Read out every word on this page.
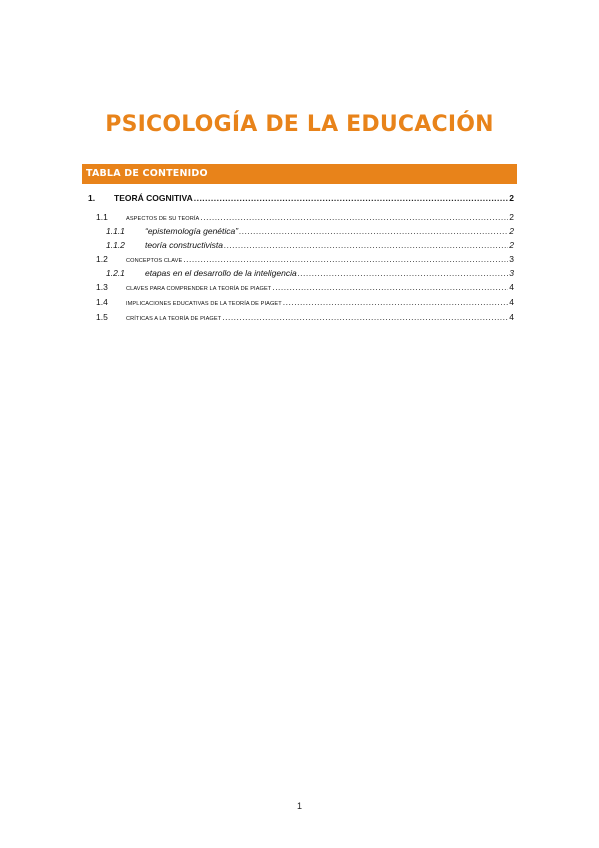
PSICOLOGÍA DE LA EDUCACIÓN
TABLA DE CONTENIDO
1.	TEORÁ COGNITIVA .....	2
1.1	ASPECTOS DE SU TEORÍA .....	2
1.1.1	“epistemología genética” .....	2
1.1.2	teoría constructivista .....	2
1.2	CONCEPTOS CLAVE .....	3
1.2.1	etapas en el desarrollo de la inteligencia .....	3
1.3	CLAVES PARA COMPRENDER LA TEORÍA DE PIAGET .....	4
1.4	IMPLICACIONES EDUCATIVAS DE LA TEORÍA DE PIAGET .....	4
1.5	CRÍTICAS A LA TEORÍA DE PIAGET .....	4
1
